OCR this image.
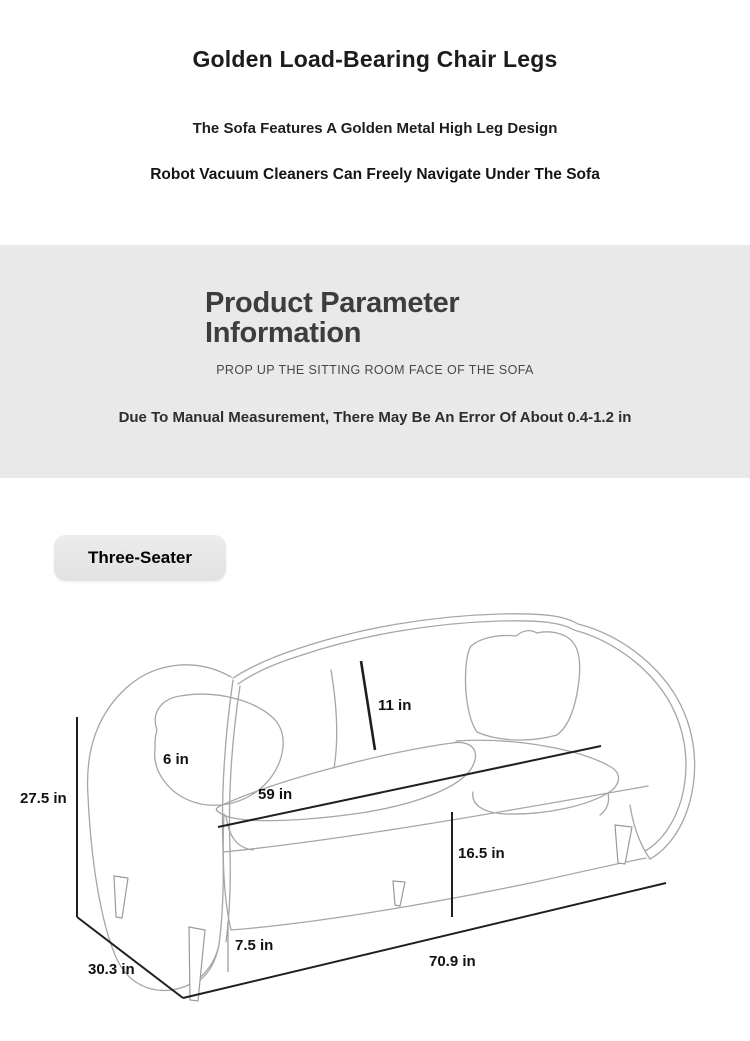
Golden Load-Bearing Chair Legs
The Sofa Features A Golden Metal High Leg Design
Robot Vacuum Cleaners Can Freely Navigate Under The Sofa
Product Parameter Information
PROP UP THE SITTING ROOM FACE OF THE SOFA
Due To Manual Measurement, There May Be An Error Of About 0.4-1.2 in
Three-Seater
11 in
6 in
59 in
27.5 in
16.5 in
7.5 in
30.3 in	70.9 in
